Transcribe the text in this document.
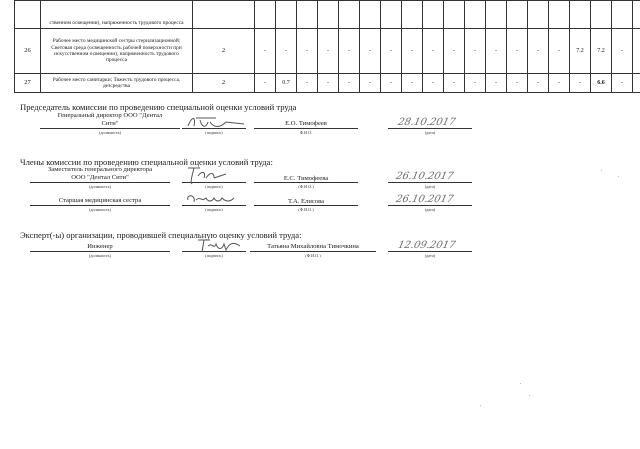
	ственном освещении), напряженность трудового процесса																				
26	Рабочее место медицинской сестры стерилизационной; Световая среда (освещенность рабочей поверхности при искусственном освещении), напряженность трудового процесса	2	-	-	-	-	-	-	-	-	-	-	-	-	-	-	-	7.2	7.2	-	
27	Рабочее место санитарки; Тяжесть трудового процесса, дезсредства	2	-	0.7	-	-	-	-	-	-	-	-	-	-	-	-	-	-	6.6	-	
Председатель комиссии по проведению специальной оценки условий труда
Генеральный директор ООО "Дентал
Сити"
(должность)	(подпись)
Е.О. Тимофеев
Ф.И.О.
28.10.2017
(дата)
Члены комиссии по проведению специальной оценки условий труда:
Заместитель генерального директора
ООО "Дентал Сити"
(должность)	(подпись)
Е.С. Тимофеева
(Ф.И.О.)
26.10.2017
(дата)
Старшая медицинская сестра
(должность)	(подпись)
Т.А. Елисова
(Ф.И.О.)
26.10.2017
(дата)
Эксперт(-ы) организации, проводившей специальную оценку условий труда:
Инженер
(должность)	(подпись)
Татьяна Михайловна Тимочкина
(Ф.И.О.)
12.09.2017
(дата)
